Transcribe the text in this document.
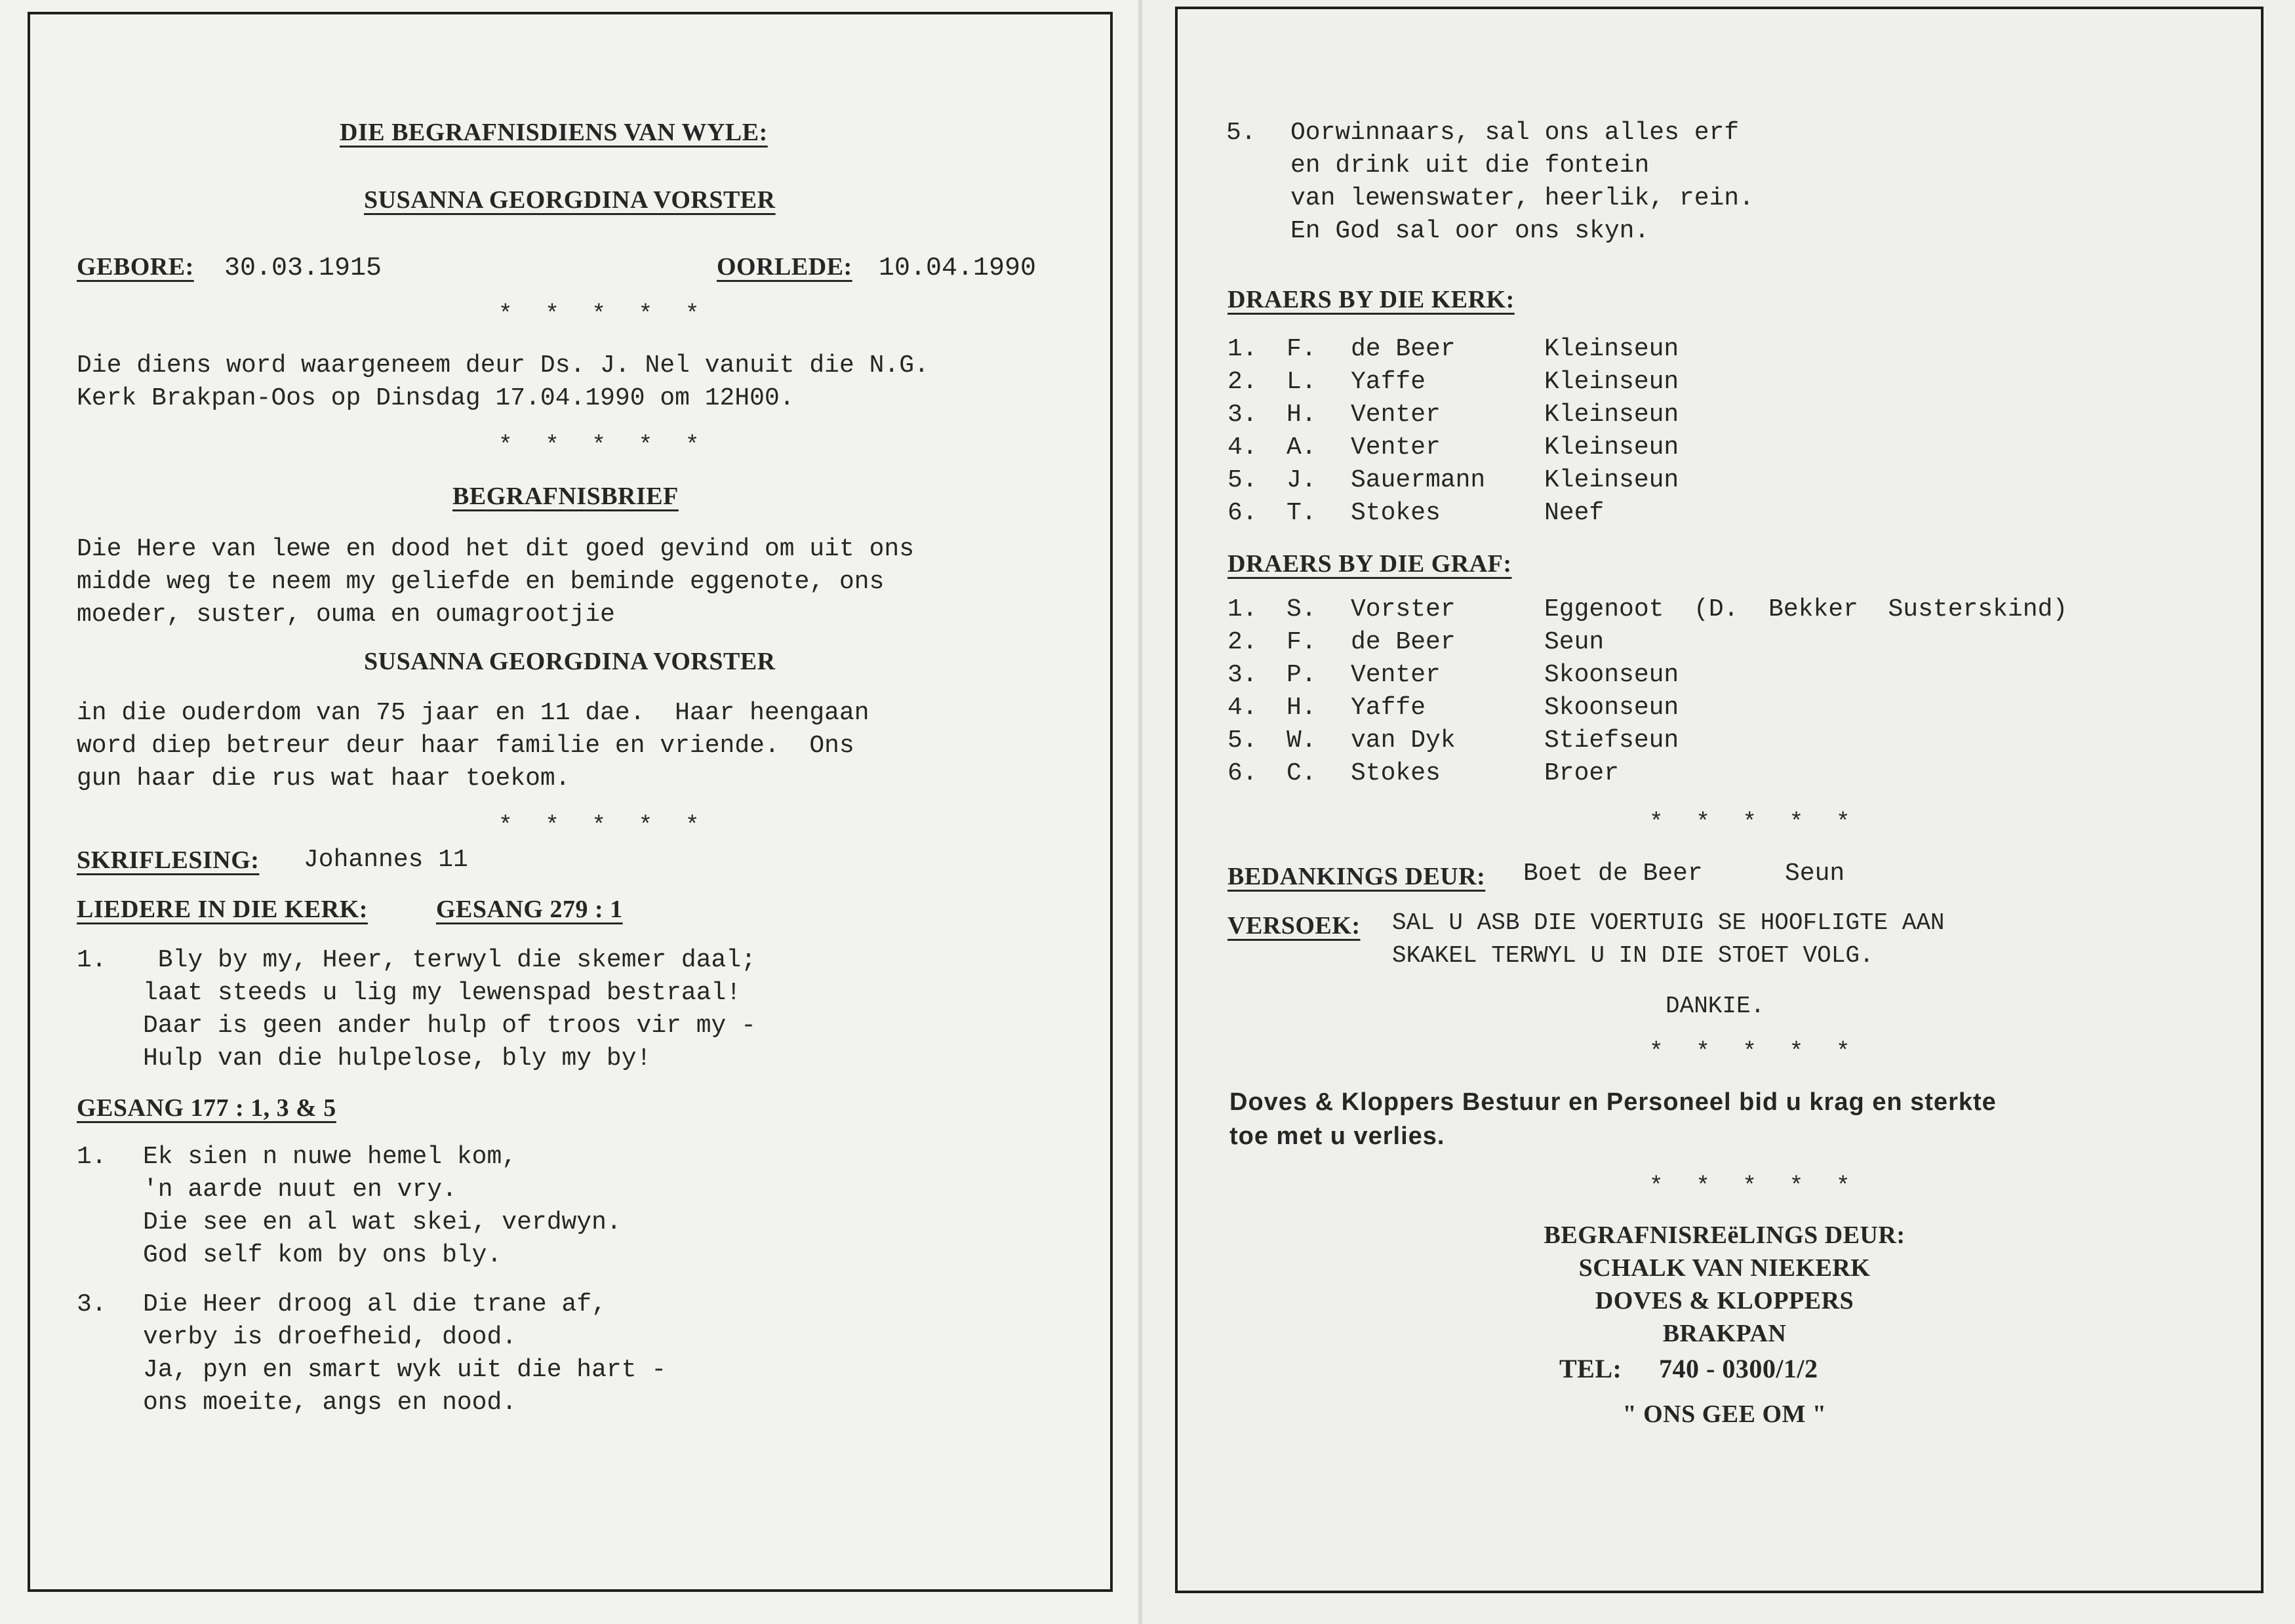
DIE BEGRAFNISDIENS VAN WYLE:
SUSANNA GEORGDINA VORSTER
GEBORE: 30.03.1915	OORLEDE: 10.04.1990
* * * * *
Die diens word waargeneem deur Ds. J. Nel vanuit die N.G.
Kerk Brakpan-Oos op Dinsdag 17.04.1990 om 12H00.
* * * * *
BEGRAFNISBRIEF
Die Here van lewe en dood het dit goed gevind om uit ons
midde weg te neem my geliefde en beminde eggenote, ons
moeder, suster, ouma en oumagrootjie
SUSANNA GEORGDINA VORSTER
in die ouderdom van 75 jaar en 11 dae.  Haar heengaan
word diep betreur deur haar familie en vriende.  Ons
gun haar die rus wat haar toekom.
* * * * *
SKRIFLESING: Johannes 11
LIEDERE IN DIE KERK:	GESANG 279 : 1
1. Bly by my, Heer, terwyl die skemer daal;
laat steeds u lig my lewenspad bestraal!
Daar is geen ander hulp of troos vir my -
Hulp van die hulpelose, bly my by!
GESANG 177 : 1, 3 & 5
1. Ek sien n nuwe hemel kom,
'n aarde nuut en vry.
Die see en al wat skei, verdwyn.
God self kom by ons bly.
3. Die Heer droog al die trane af,
verby is droefheid, dood.
Ja, pyn en smart wyk uit die hart -
ons moeite, angs en nood.
5. Oorwinnaars, sal ons alles erf
en drink uit die fontein
van lewenswater, heerlik, rein.
En God sal oor ons skyn.
DRAERS BY DIE KERK:
1. F. de Beer	Kleinseun
2. L. Yaffe	Kleinseun
3. H. Venter	Kleinseun
4. A. Venter	Kleinseun
5. J. Sauermann Kleinseun
6. T. Stokes	Neef
DRAERS BY DIE GRAF:
1. S. Vorster	Eggenoot  (D.  Bekker  Susterskind)
2. F. de Beer	Seun
3. P. Venter	Skoonseun
4. H. Yaffe	Skoonseun
5. W. van Dyk	Stiefseun
6. C. Stokes	Broer
* * * * *
BEDANKINGS DEUR: Boet de Beer	Seun
VERSOEK: SAL U ASB DIE VOERTUIG SE HOOFLIGTE AAN
SKAKEL TERWYL U IN DIE STOET VOLG.
DANKIE.
* * * * *
Doves & Kloppers Bestuur en Personeel bid u krag en sterkte
toe met u verlies.
* * * * *
BEGRAFNISREëLINGS DEUR:
SCHALK VAN NIEKERK
DOVES & KLOPPERS
BRAKPAN
TEL: 740 - 0300/1/2
" ONS GEE OM "
